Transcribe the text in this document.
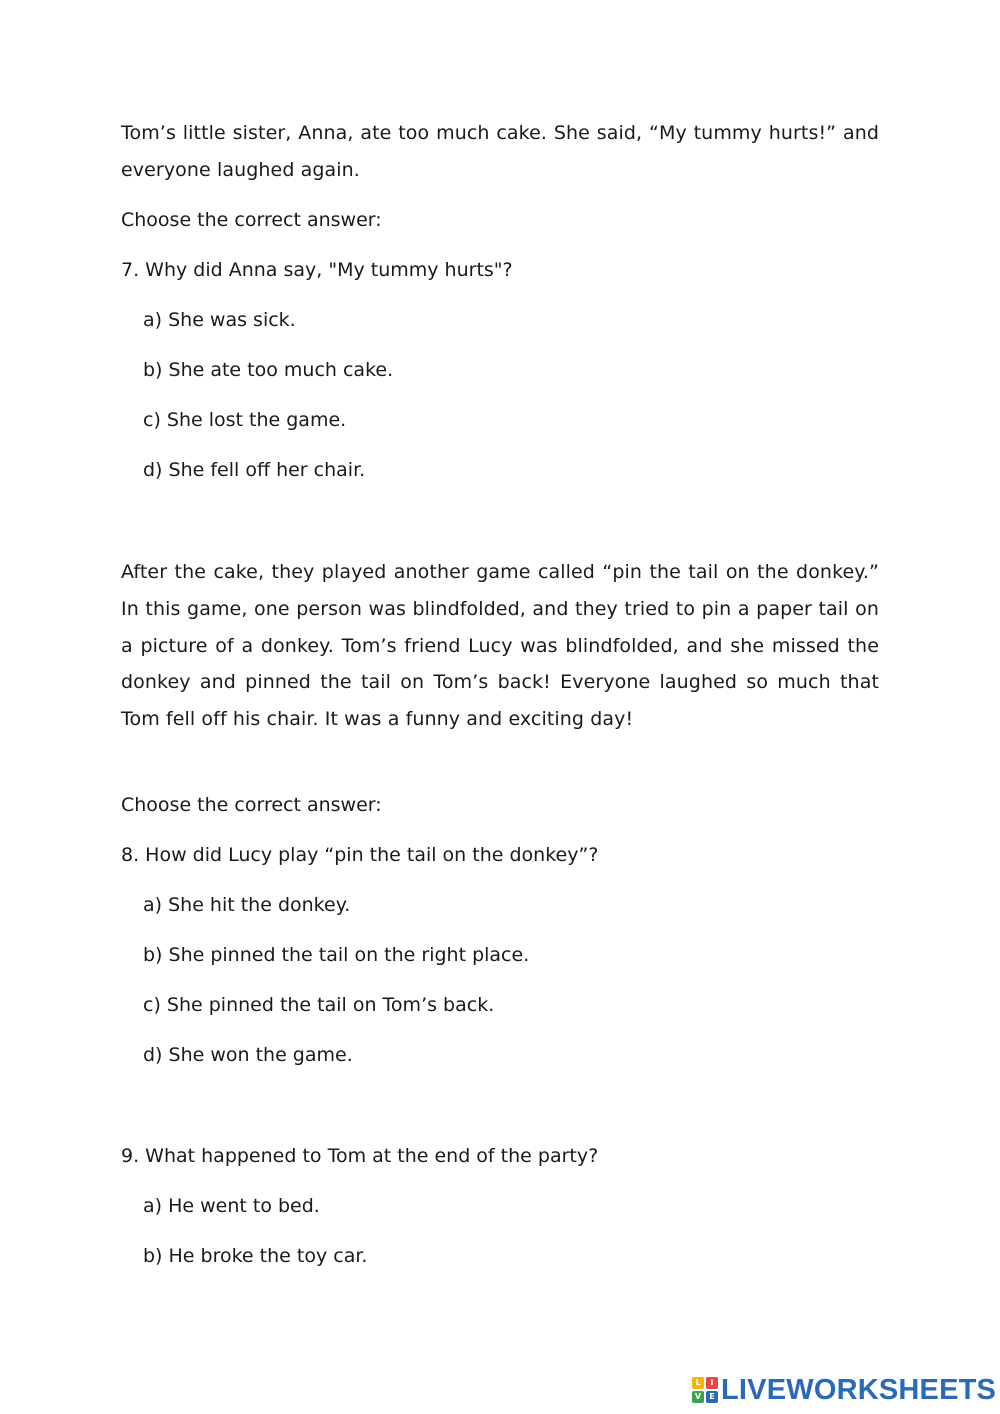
Tom’s little sister, Anna, ate too much cake. She said, “My tummy hurts!” and everyone laughed again.

Choose the correct answer:

7. Why did Anna say, "My tummy hurts"?

a) She was sick.

b) She ate too much cake.

c) She lost the game.

d) She fell off her chair.

After the cake, they played another game called “pin the tail on the donkey.” In this game, one person was blindfolded, and they tried to pin a paper tail on a picture of a donkey. Tom’s friend Lucy was blindfolded, and she missed the donkey and pinned the tail on Tom’s back! Everyone laughed so much that Tom fell off his chair. It was a funny and exciting day!

Choose the correct answer:

8. How did Lucy play “pin the tail on the donkey”?

a) She hit the donkey.

b) She pinned the tail on the right place.

c) She pinned the tail on Tom’s back.

d) She won the game.

9. What happened to Tom at the end of the party?

a) He went to bed.

b) He broke the toy car.

L	I
V	E LIVEWORKSHEETS
